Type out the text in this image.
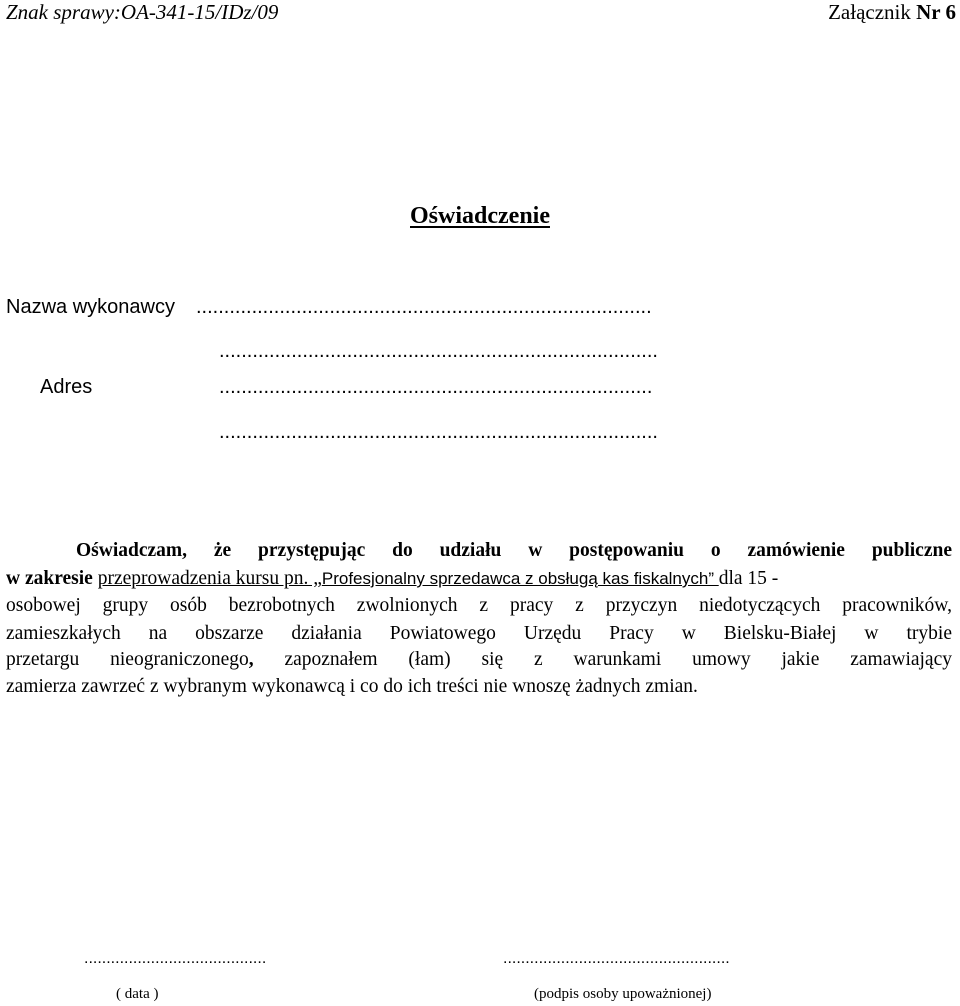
Znak sprawy:OA-341-15/IDz/09	Załącznik Nr 6
Oświadczenie
Nazwa wykonawcy ..................................................................................
...............................................................................
Adres	..............................................................................
...............................................................................
Oświadczam, że przystępując do udziału w postępowaniu o zamówienie publiczne
w zakresie przeprowadzenia kursu pn. „Profesjonalny sprzedawca z obsługą kas fiskalnych” dla 15 -
osobowej grupy osób bezrobotnych zwolnionych z pracy z przyczyn niedotyczących pracowników,
zamieszkałych na obszarze działania Powiatowego Urzędu Pracy w Bielsku-Białej w trybie
przetargu nieograniczonego, zapoznałem (łam) się z warunkami umowy jakie zamawiający
zamierza zawrzeć z wybranym wykonawcą i co do ich treści nie wnoszę żadnych zmian.
.........................................	...................................................
( data )	(podpis osoby upoważnionej)
